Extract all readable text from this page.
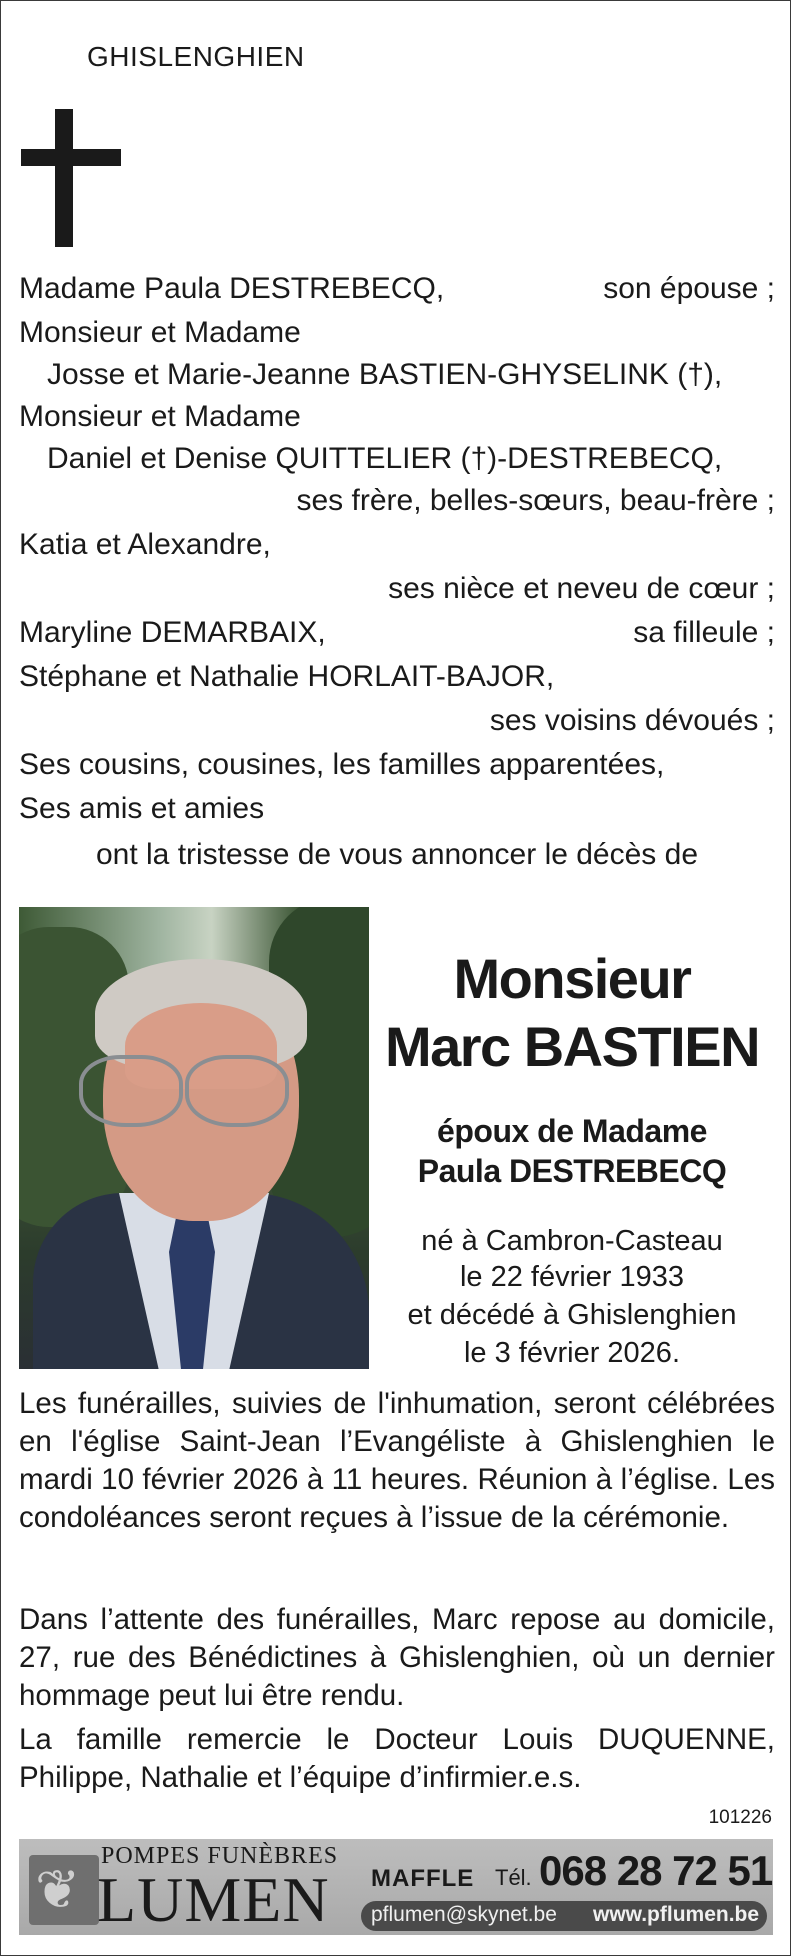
GHISLENGHIEN
Madame Paula DESTREBECQ,	son épouse ;
Monsieur et Madame
Josse et Marie-Jeanne BASTIEN-GHYSELINK (†),
Monsieur et Madame
Daniel et Denise QUITTELIER (†)-DESTREBECQ,
ses frère, belles-sœurs, beau-frère ;
Katia et Alexandre,
ses nièce et neveu de cœur ;
Maryline DEMARBAIX,	sa filleule ;
Stéphane et Nathalie HORLAIT-BAJOR,
ses voisins dévoués ;
Ses cousins, cousines, les familles apparentées,
Ses amis et amies
ont la tristesse de vous annoncer le décès de
Monsieur
Marc BASTIEN
époux de Madame
Paula DESTREBECQ
né à Cambron-Casteau
le 22 février 1933
et décédé à Ghislenghien
le 3 février 2026.

Les funérailles, suivies de l'inhumation, seront célébrées en l'église Saint-Jean l’Evangéliste à Ghislenghien le mardi 10 février 2026 à 11 heures. Réunion à l’église. Les condoléances seront reçues à l’issue de la cérémonie.

Dans l’attente des funérailles, Marc repose au domicile, 27, rue des Bénédictines à Ghislenghien, où un dernier hommage peut lui être rendu.

La famille remercie le Docteur Louis DUQUENNE, Philippe, Nathalie et l’équipe d’infirmier.e.s.

101226
❦
POMPES FUNÈBRES
LUMEN MAFFLE Tél. 068 28 72 51
pflumen@skynet.be www.pflumen.be
